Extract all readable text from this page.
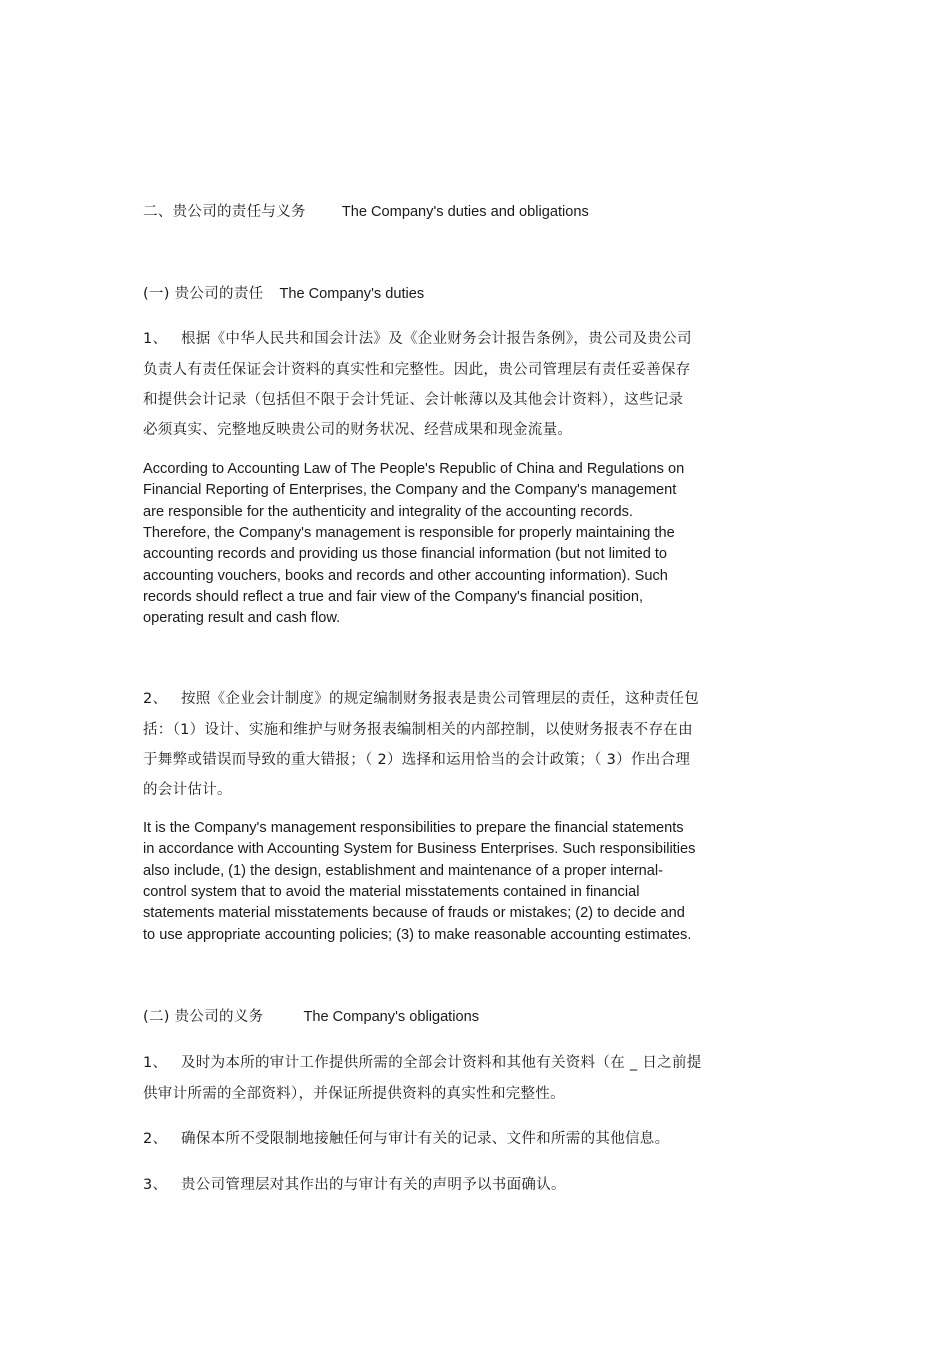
二、贵公司的责任与义务 The Company's duties and obligations
(一) 贵公司的责任 The Company's duties
1、 根据《中华人民共和国会计法》及《企业财务会计报告条例》，贵公司及贵公司
负责人有责任保证会计资料的真实性和完整性。因此，贵公司管理层有责任妥善保存
和提供会计记录（包括但不限于会计凭证、会计帐薄以及其他会计资料），这些记录
必须真实、完整地反映贵公司的财务状况、经营成果和现金流量。
According to Accounting Law of The People's Republic of China and Regulations on
Financial Reporting of Enterprises, the Company and the Company's management
are responsible for the authenticity and integrality of the accounting records.
Therefore, the Company's management is responsible for properly maintaining the
accounting records and providing us those financial information (but not limited to
accounting vouchers, books and records and other accounting information). Such
records should reflect a true and fair view of the Company's financial position,
operating result and cash flow.
2、 按照《企业会计制度》的规定编制财务报表是贵公司管理层的责任，这种责任包
括：（1）设计、实施和维护与财务报表编制相关的内部控制，以使财务报表不存在由
于舞弊或错误而导致的重大错报；（ 2）选择和运用恰当的会计政策；（ 3）作出合理
的会计估计。
It is the Company's management responsibilities to prepare the financial statements
in accordance with Accounting System for Business Enterprises. Such responsibilities
also include, (1) the design, establishment and maintenance of a proper internal-
control system that to avoid the material misstatements contained in financial
statements material misstatements because of frauds or mistakes; (2) to decide and
to use appropriate accounting policies; (3) to make reasonable accounting estimates.
(二) 贵公司的义务	The Company's obligations
1、 及时为本所的审计工作提供所需的全部会计资料和其他有关资料（在 _ 日之前提
供审计所需的全部资料），并保证所提供资料的真实性和完整性。
2、 确保本所不受限制地接触任何与审计有关的记录、文件和所需的其他信息。
3、 贵公司管理层对其作出的与审计有关的声明予以书面确认。
